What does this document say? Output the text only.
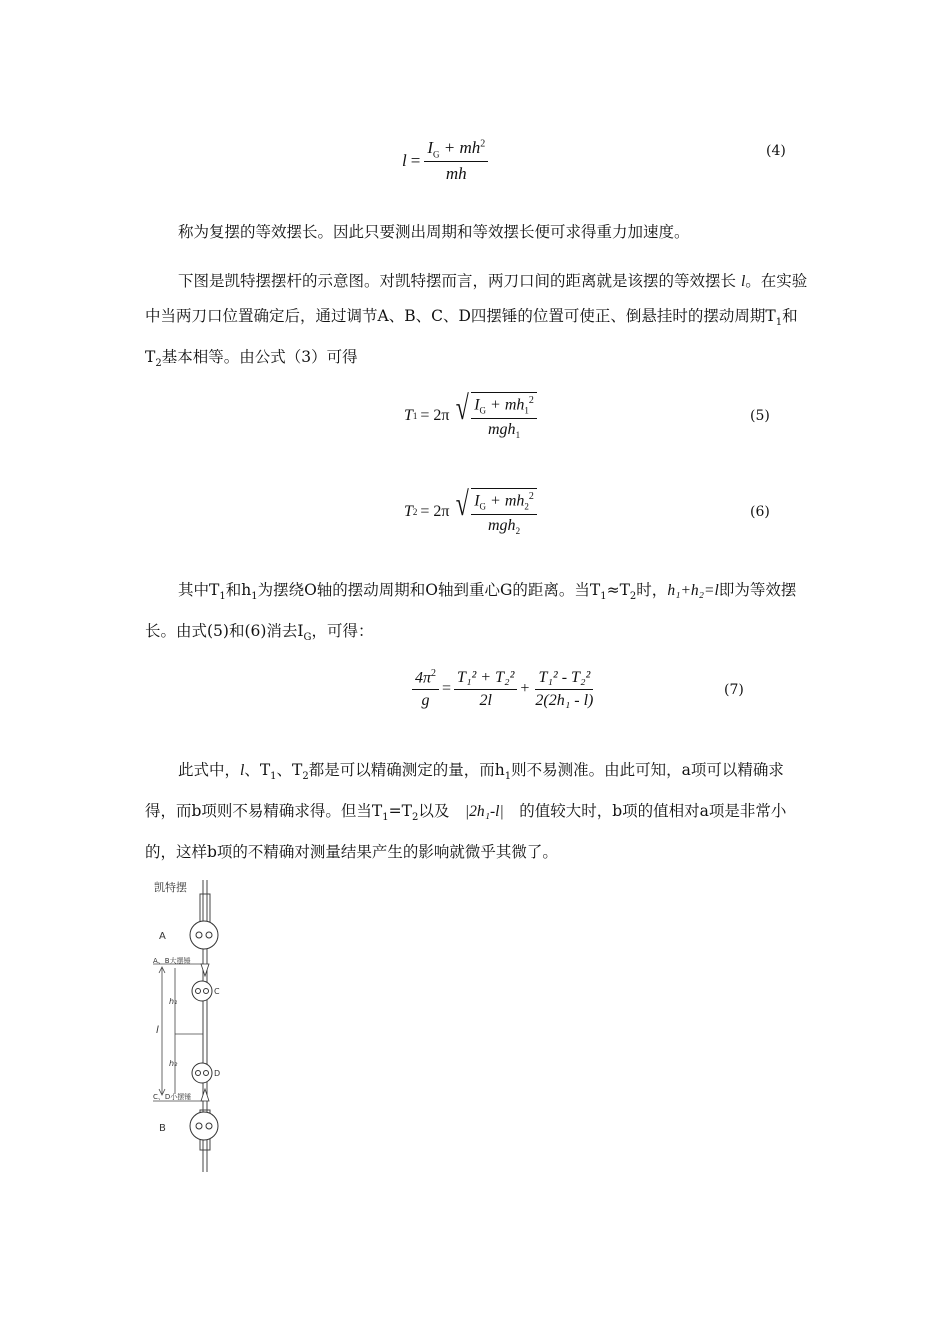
$l = \frac{I_G + mh^2}{mh}$	(4)
称为复摆的等效摆长。因此只要测出周期和等效摆长便可求得重力加速度。
下图是凯特摆摆杆的示意图。对凯特摆而言，两刀口间的距离就是该摆的等效摆长 l。在实验中当两刀口位置确定后，通过调节A、B、C、D四摆锤的位置可使正、倒悬挂时的摆动周期$T_1$和$T_2$基本相等。由公式（3）可得
T 1 = 2π √ $\frac{I_G + mh_1^2}{mgh_1}$	(5)
T 2 = 2π √ $\frac{I_G + mh_2^2}{mgh_2}$	(6)
其中$T_1$和$h_1$为摆绕O轴的摆动周期和O轴到重心G的距离。当$T_1\approx T_2$时，h₁+h₂=l即为等效摆长。由式(5)和(6)消去$I_G$，可得：
$\frac{4\pi^2}{g} = \frac{\text{T₁² + T₂²}}{2l} + \frac{\text{T₁² - T₂²}}{\text{2(2h₁ - l)}}$	(7)
此式中，l、$T_1$、$T_2$都是可以精确测定的量，而$h_1$则不易测准。由此可知，a项可以精确求得，而b项则不易精确求得。但当$T_1=T_2$以及　|2h₁-l|　的值较大时，b项的值相对a项是非常小的，这样b项的不精确对测量结果产生的影响就微乎其微了。
凯特摆
A
A、B大摆锤
C
l
h₁
h₂
D
C、D小摆锤
B
